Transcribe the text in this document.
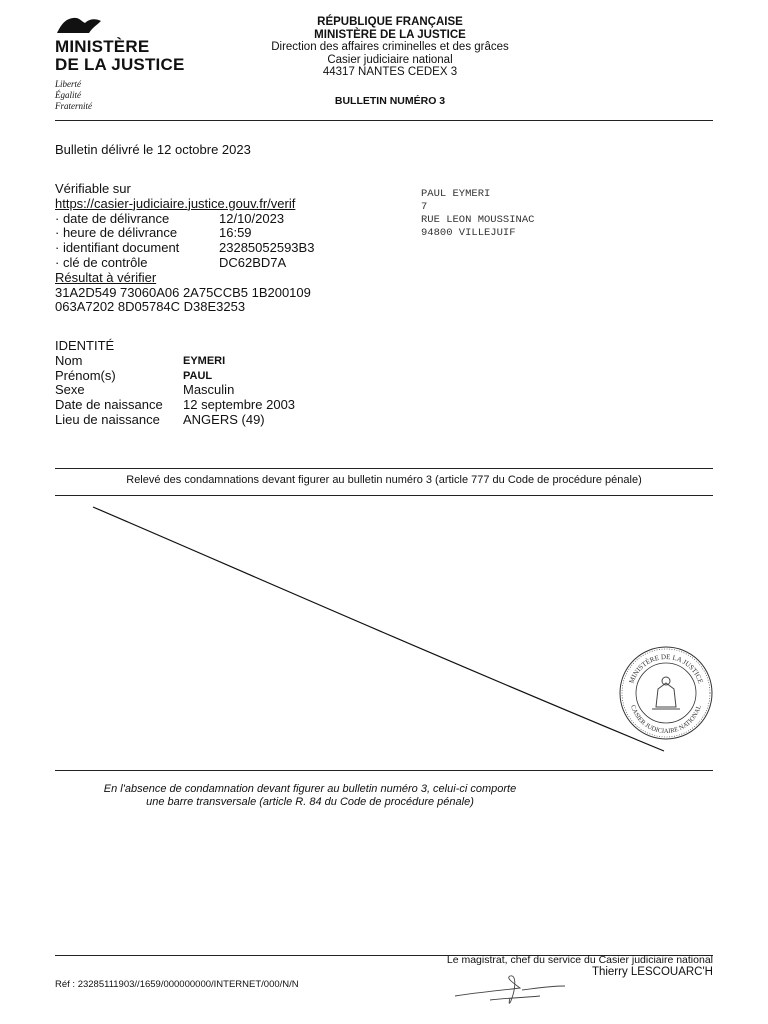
MINISTÈRE
DE LA JUSTICE
Liberté
Égalité
Fraternité
RÉPUBLIQUE FRANÇAISE
MINISTÈRE DE LA JUSTICE
Direction des affaires criminelles et des grâces
Casier judiciaire national
44317 NANTES CEDEX 3
BULLETIN NUMÉRO 3
Bulletin délivré le 12 octobre 2023
Vérifiable sur
https://casier-judiciaire.justice.gouv.fr/verif
· date de délivrance	12/10/2023
· heure de délivrance	16:59
· identifiant document	23285052593B3
· clé de contrôle	DC62BD7A
Résultat à vérifier
31A2D549 73060A06 2A75CCB5 1B200109
063A7202 8D05784C D38E3253
PAUL EYMERI
7
RUE LEON MOUSSINAC
94800 VILLEJUIF
IDENTITÉ
Nom	EYMERI
Prénom(s)	PAUL
Sexe	Masculin
Date de naissance	12 septembre 2003
Lieu de naissance	ANGERS (49)
Relevé des condamnations devant figurer au bulletin numéro 3 (article 777 du Code de procédure pénale)
MINISTÈRE DE LA JUSTICE
CASIER JUDICIAIRE NATIONAL
En l'absence de condamnation devant figurer au bulletin numéro 3, celui-ci comporte
une barre transversale (article R. 84 du Code de procédure pénale)
Le magistrat, chef du service du Casier judiciaire national
Thierry LESCOUARC'H
Réf : 23285111903//1659/000000000/INTERNET/000/N/N
